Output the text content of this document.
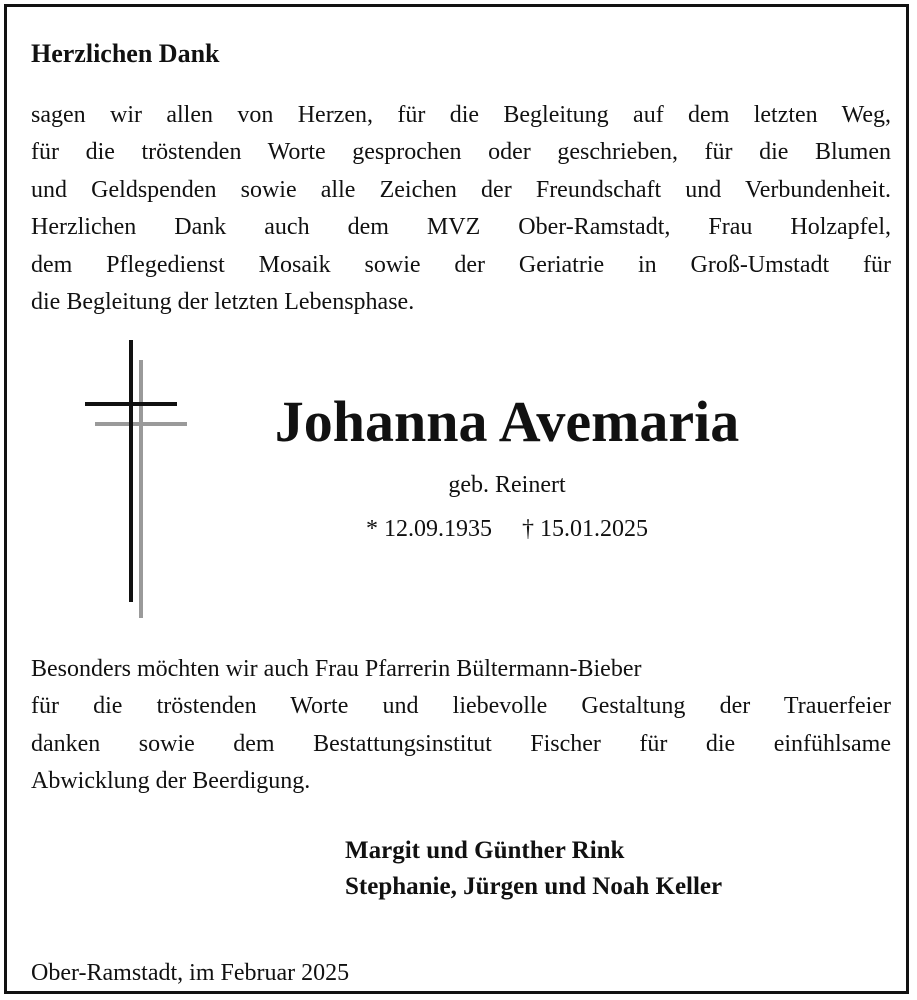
Herzlichen Dank

sagen wir allen von Herzen, für die Begleitung auf dem letzten Weg,
für die tröstenden Worte gesprochen oder geschrieben, für die Blumen
und Geldspenden sowie alle Zeichen der Freundschaft und Verbundenheit.
Herzlichen Dank auch dem MVZ Ober-Ramstadt, Frau Holzapfel,
dem Pflegedienst Mosaik sowie der Geriatrie in Groß-Umstadt für
die Begleitung der letzten Lebensphase.

Johanna Avemaria
geb. Reinert
* 12.09.1935 † 15.01.2025

Besonders möchten wir auch Frau Pfarrerin Bültermann-Bieber
für die tröstenden Worte und liebevolle Gestaltung der Trauerfeier
danken sowie dem Bestattungsinstitut Fischer für die einfühlsame
Abwicklung der Beerdigung.

Margit und Günther Rink
Stephanie, Jürgen und Noah Keller
Ober-Ramstadt, im Februar 2025
